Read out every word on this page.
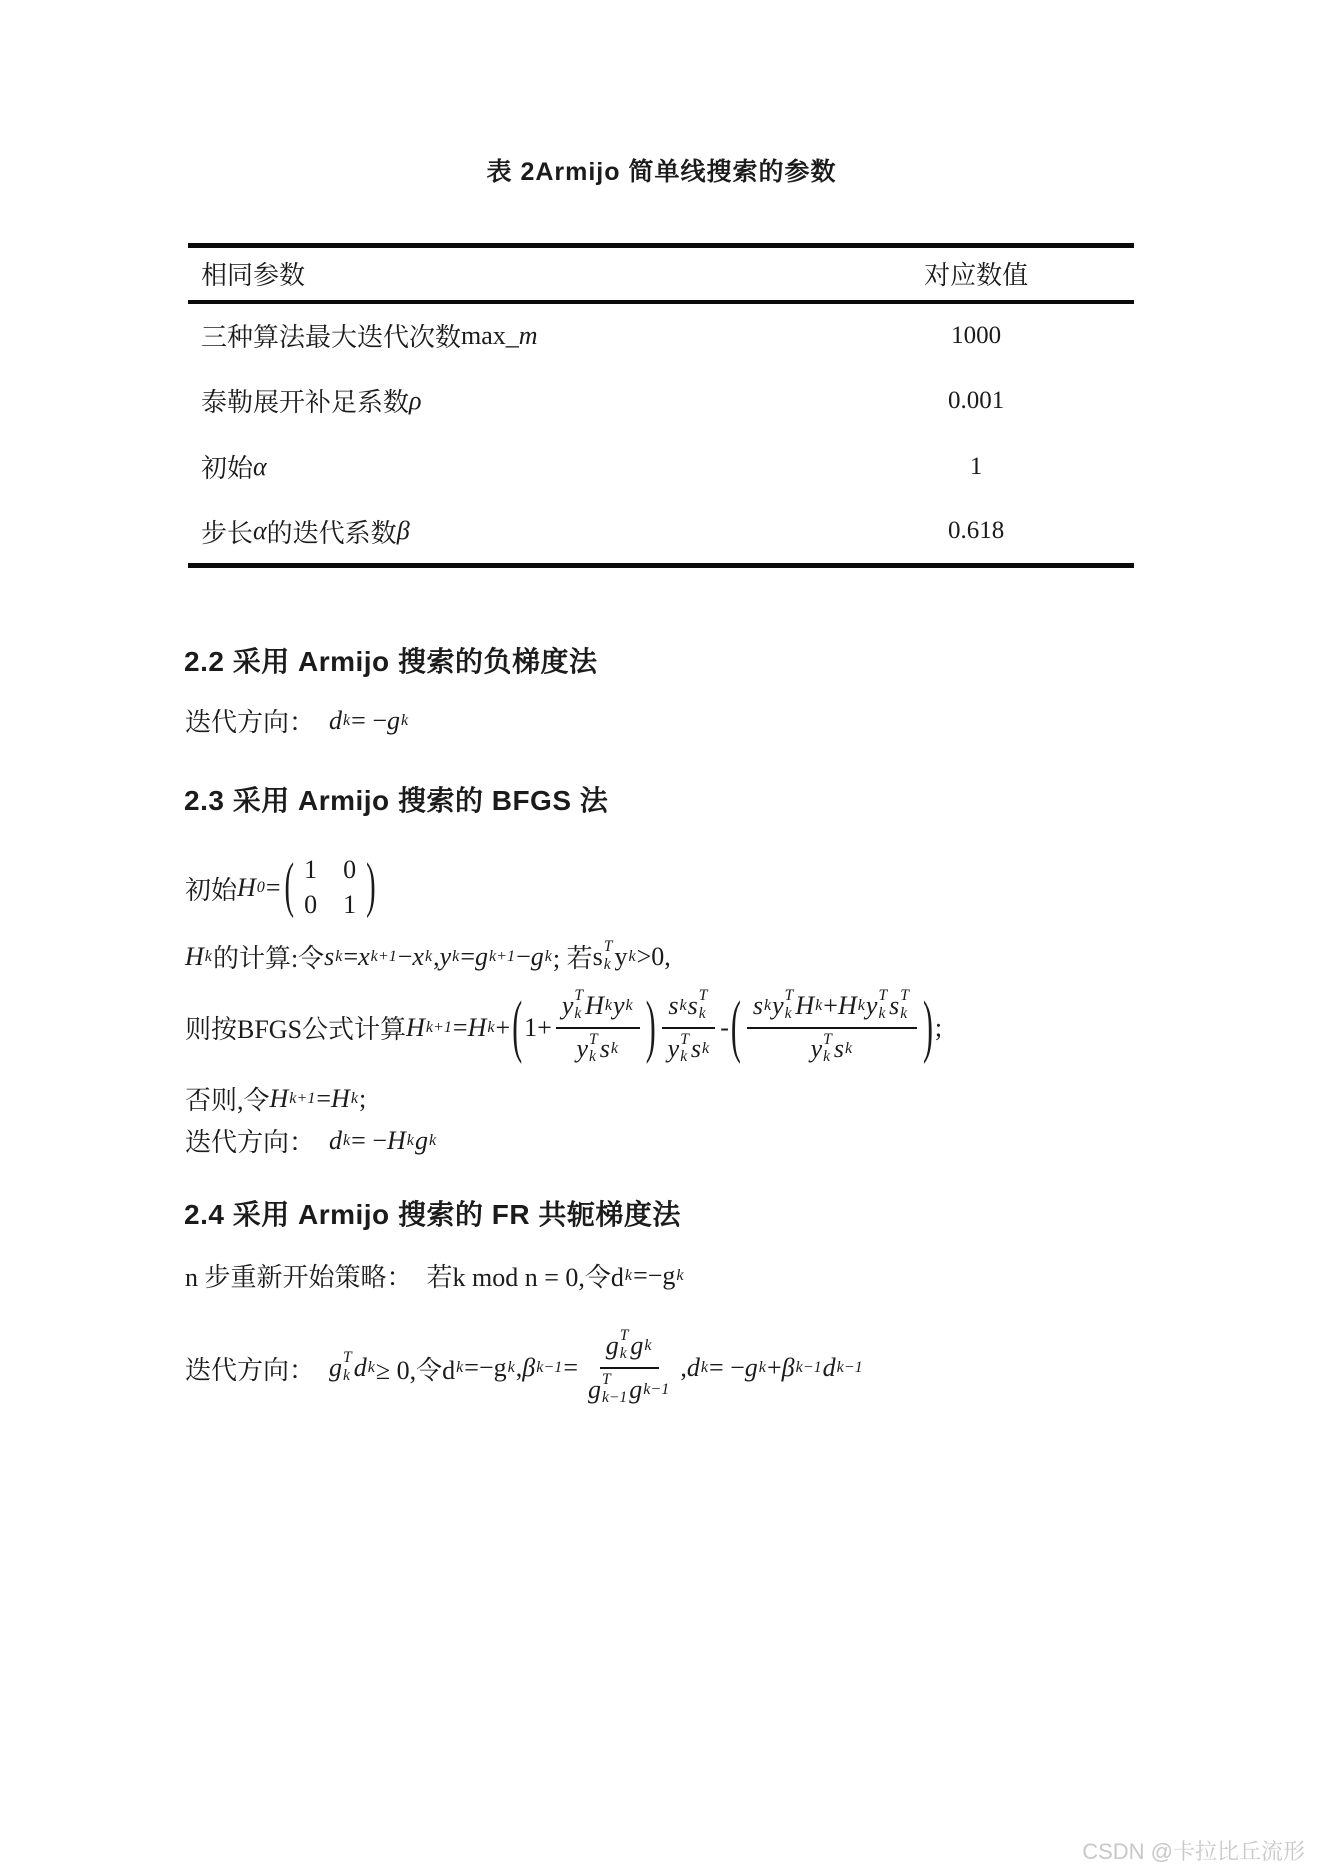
表 2Armijo 简单线搜索的参数
相同参数	对应数值

三种算法最大迭代次数 max_ m	1000

泰勒展开补足系数 ρ	0.001

初始 α	1

步长 α 的迭代系数 β	0.618
2.2 采用 Armijo 搜索的负梯度法
迭代方向： d k = − g k
2.3 采用 Armijo 搜索的 BFGS 法
初始 H 0 = ( 1 0
0 1 )
H k 的计算:令 s k = x k+1 − x k , y k = g k+1 − g k ; 若 s T
k y k >0,
则按BFGS公式计算 H k+1 = H k + ( 1+
y T
k H k y k
y T
k s k ) s k s T
k
y T
k s k
- ( s k y T
k H k + H k y T
k s T
k
y T
k s k ) ;
否则,令 H k+1 = H k ;
迭代方向： d k = − H k g k
2.4 采用 Armijo 搜索的 FR 共轭梯度法
n 步重新开始策略： 若k mod n = 0,令d k =−g k
迭代方向： g T
k d k ≥ 0,令d k =−g k , β k−1 =
g T
k g k
g T
k−1 g k−1
, d k = − g k + β k−1 d k−1
CSDN @卡拉比丘流形
